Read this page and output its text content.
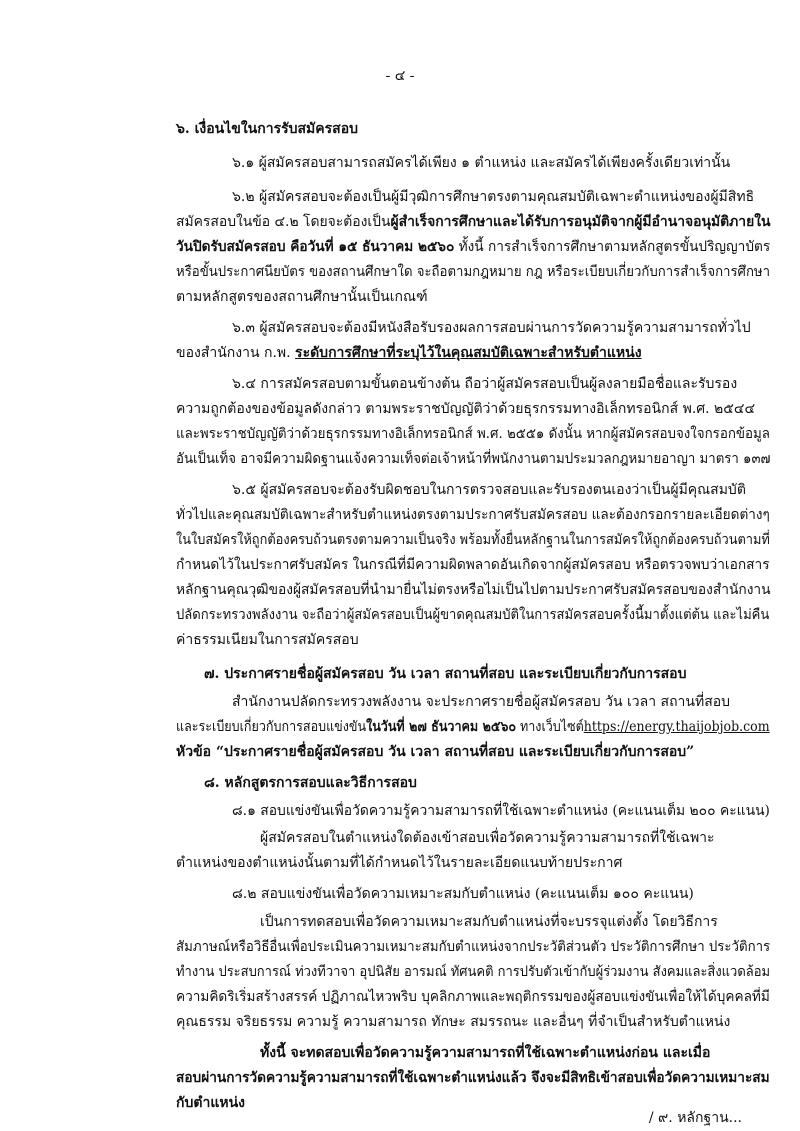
- ๔ -
๖. เงื่อนไขในการรับสมัครสอบ
๖.๑ ผู้สมัครสอบสามารถสมัครได้เพียง ๑ ตำแหน่ง และสมัครได้เพียงครั้งเดียวเท่านั้น
๖.๒ ผู้สมัครสอบจะต้องเป็นผู้มีวุฒิการศึกษาตรงตามคุณสมบัติเฉพาะตำแหน่งของผู้มีสิทธิ
สมัครสอบในข้อ ๔.๒ โดยจะต้องเป็นผู้สำเร็จการศึกษาและได้รับการอนุมัติจากผู้มีอำนาจอนุมัติภายใน
วันปิดรับสมัครสอบ คือวันที่ ๑๕ ธันวาคม ๒๕๖๐ ทั้งนี้ การสำเร็จการศึกษาตามหลักสูตรขั้นปริญญาบัตร
หรือขั้นประกาศนียบัตร ของสถานศึกษาใด จะถือตามกฎหมาย กฎ หรือระเบียบเกี่ยวกับการสำเร็จการศึกษา
ตามหลักสูตรของสถานศึกษานั้นเป็นเกณฑ์
๖.๓ ผู้สมัครสอบจะต้องมีหนังสือรับรองผลการสอบผ่านการวัดความรู้ความสามารถทั่วไป
ของสำนักงาน ก.พ. ระดับการศึกษาที่ระบุไว้ในคุณสมบัติเฉพาะสำหรับตำแหน่ง
๖.๔ การสมัครสอบตามขั้นตอนข้างต้น ถือว่าผู้สมัครสอบเป็นผู้ลงลายมือชื่อและรับรอง
ความถูกต้องของข้อมูลดังกล่าว ตามพระราชบัญญัติว่าด้วยธุรกรรมทางอิเล็กทรอนิกส์ พ.ศ. ๒๕๔๔
และพระราชบัญญัติว่าด้วยธุรกรรมทางอิเล็กทรอนิกส์ พ.ศ. ๒๕๕๑ ดังนั้น หากผู้สมัครสอบจงใจกรอกข้อมูล
อันเป็นเท็จ อาจมีความผิดฐานแจ้งความเท็จต่อเจ้าหน้าที่พนักงานตามประมวลกฎหมายอาญา มาตรา ๑๓๗
๖.๕ ผู้สมัครสอบจะต้องรับผิดชอบในการตรวจสอบและรับรองตนเองว่าเป็นผู้มีคุณสมบัติ
ทั่วไปและคุณสมบัติเฉพาะสำหรับตำแหน่งตรงตามประกาศรับสมัครสอบ และต้องกรอกรายละเอียดต่างๆ
ในใบสมัครให้ถูกต้องครบถ้วนตรงตามความเป็นจริง พร้อมทั้งยื่นหลักฐานในการสมัครให้ถูกต้องครบถ้วนตามที่
กำหนดไว้ในประกาศรับสมัคร ในกรณีที่มีความผิดพลาดอันเกิดจากผู้สมัครสอบ หรือตรวจพบว่าเอกสาร
หลักฐานคุณวุฒิของผู้สมัครสอบที่นำมายื่นไม่ตรงหรือไม่เป็นไปตามประกาศรับสมัครสอบของสำนักงาน
ปลัดกระทรวงพลังงาน จะถือว่าผู้สมัครสอบเป็นผู้ขาดคุณสมบัติในการสมัครสอบครั้งนี้มาตั้งแต่ต้น และไม่คืน
ค่าธรรมเนียมในการสมัครสอบ
๗. ประกาศรายชื่อผู้สมัครสอบ วัน เวลา สถานที่สอบ และระเบียบเกี่ยวกับการสอบ
สำนักงานปลัดกระทรวงพลังงาน จะประกาศรายชื่อผู้สมัครสอบ วัน เวลา สถานที่สอบ
และระเบียบเกี่ยวกับการสอบแข่งขันในวันที่ ๒๗ ธันวาคม ๒๕๖๐ ทางเว็บไซต์https://energy.thaijobjob.com
หัวข้อ “ประกาศรายชื่อผู้สมัครสอบ วัน เวลา สถานที่สอบ และระเบียบเกี่ยวกับการสอบ”
๘. หลักสูตรการสอบและวิธีการสอบ
๘.๑ สอบแข่งขันเพื่อวัดความรู้ความสามารถที่ใช้เฉพาะตำแหน่ง (คะแนนเต็ม ๒๐๐ คะแนน)
ผู้สมัครสอบในตำแหน่งใดต้องเข้าสอบเพื่อวัดความรู้ความสามารถที่ใช้เฉพาะ
ตำแหน่งของตำแหน่งนั้นตามที่ได้กำหนดไว้ในรายละเอียดแนบท้ายประกาศ
๘.๒ สอบแข่งขันเพื่อวัดความเหมาะสมกับตำแหน่ง (คะแนนเต็ม ๑๐๐ คะแนน)
เป็นการทดสอบเพื่อวัดความเหมาะสมกับตำแหน่งที่จะบรรจุแต่งตั้ง โดยวิธีการ
สัมภาษณ์หรือวิธีอื่นเพื่อประเมินความเหมาะสมกับตำแหน่งจากประวัติส่วนตัว ประวัติการศึกษา ประวัติการ
ทำงาน ประสบการณ์ ท่วงทีวาจา อุปนิสัย อารมณ์ ทัศนคติ การปรับตัวเข้ากับผู้ร่วมงาน สังคมและสิ่งแวดล้อม
ความคิดริเริ่มสร้างสรรค์ ปฏิภาณไหวพริบ บุคลิกภาพและพฤติกรรมของผู้สอบแข่งขันเพื่อให้ได้บุคคลที่มี
คุณธรรม จริยธรรม ความรู้ ความสามารถ ทักษะ สมรรถนะ และอื่นๆ ที่จำเป็นสำหรับตำแหน่ง
ทั้งนี้ จะทดสอบเพื่อวัดความรู้ความสามารถที่ใช้เฉพาะตำแหน่งก่อน และเมื่อ
สอบผ่านการวัดความรู้ความสามารถที่ใช้เฉพาะตำแหน่งแล้ว จึงจะมีสิทธิเข้าสอบเพื่อวัดความเหมาะสม
กับตำแหน่ง
/ ๙. หลักฐาน...
